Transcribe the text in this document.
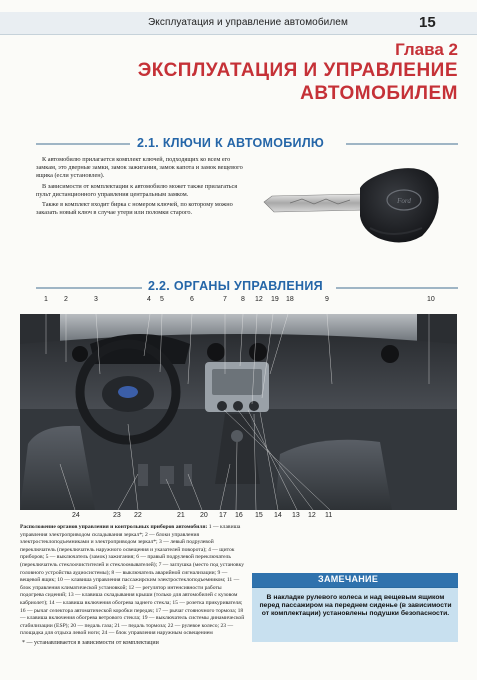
Эксплуатация и управление автомобилем	15
Глава 2
ЭКСПЛУАТАЦИЯ И УПРАВЛЕНИЕ
АВТОМОБИЛЕМ
2.1. КЛЮЧИ К АВТОМОБИЛЮ

К автомобилю прилагается комплект ключей, подходящих ко всем его замкам, это дверные замки, замок зажигания, замок капота и замок вещевого ящика (если установлен).

В зависимости от комплектации к автомобилю может также прилагаться пульт дистанционного управления центральным замком.

Также в комплект входит бирка с номером ключей, по которому можно заказать новый ключ в случае утери или поломки старого.

Ford
2.2. ОРГАНЫ УПРАВЛЕНИЯ
1 2	3	4 5	6	7 8 12 19 18	9	10
24	23 22	21 20 17 16 15 14 13 12 11
Расположение органов управления и контрольных приборов автомобиля: 1 — клавиша управления электроприводом складывания зеркал*; 2 — блоки управления электростеклоподъемниками и электроприводом зеркал*; 3 — левый подрулевой переключатель (переключатель наружного освещения и указателей поворота); 4 — щиток приборов; 5 — выключатель (замок) зажигания; 6 — правый подрулевой переключатель (переключатель стеклоочистителей и стеклоомывателей); 7 — заглушка (место под установку головного устройства аудиосистемы); 8 — выключатель аварийной сигнализации; 9 — вещевой ящик; 10 — клавиша управления пассажирским электростеклоподъемником; 11 — блок управления климатической установкой; 12 — регулятор интенсивности работы подогрева сидений; 13 — клавиша складывания крыши (только для автомобилей с кузовом кабриолет); 14 — клавиша включения обогрева заднего стекла; 15 — розетка прикуривателя; 16 — рычаг селектора автоматической коробки передач; 17 — рычаг стояночного тормоза; 18 — клавиша включения обогрева ветрового стекла; 19 — выключатель системы динамической стабилизации (ESP); 20 — педаль газа; 21 — педаль тормоза; 22 — рулевое колесо; 23 — площадка для отдыха левой ноги; 24 — блок управления наружным освещением
* — устанавливается в зависимости от комплектации
ЗАМЕЧАНИЕ
В накладке рулевого колеса и над вещевым ящиком перед пассажиром на переднем сиденье (в зависимости от комплектации) установлены подушки безопасности.
